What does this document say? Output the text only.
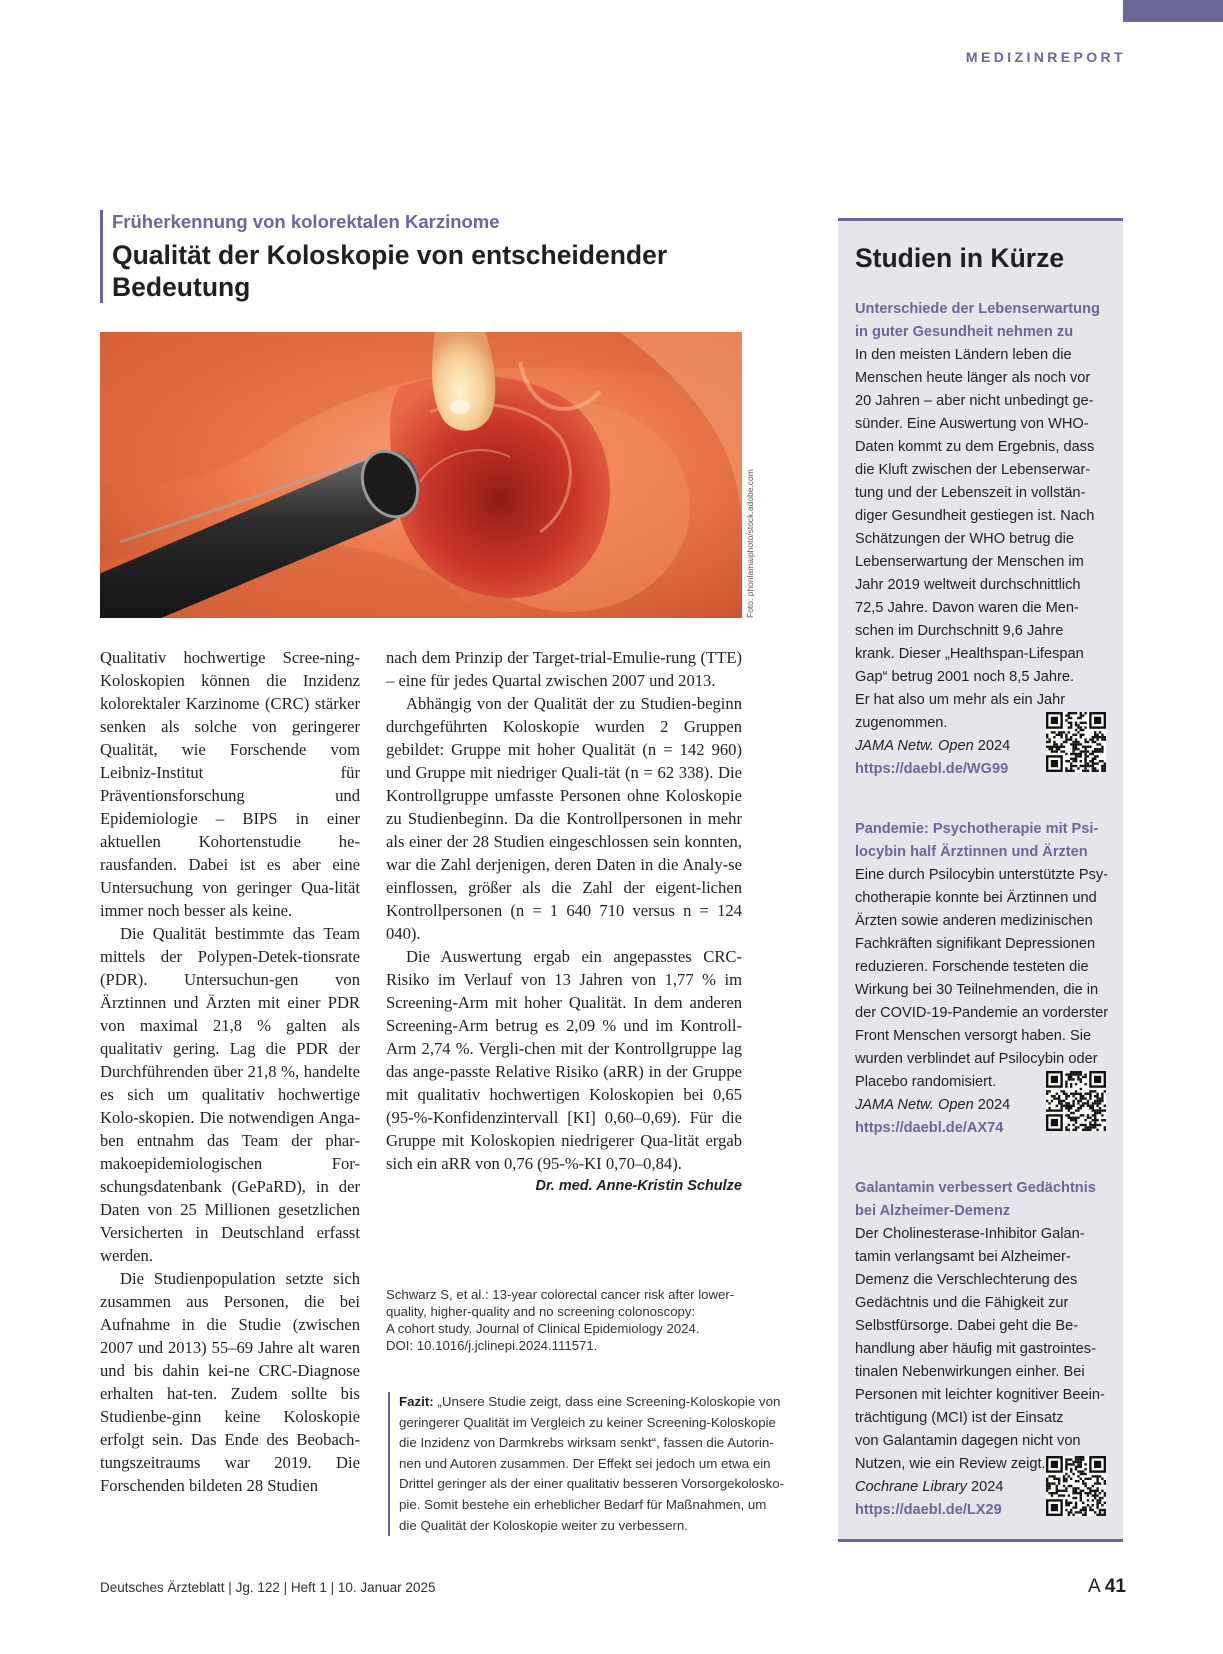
MEDIZINREPORT
Früherkennung von kolorektalen Karzinome
Qualität der Koloskopie von entscheidender
Bedeutung
Foto: phonlamaiphoto/stock.adobe.com

Qualitativ hochwertige Scree-ning-Koloskopien können die Inzidenz kolorektaler Karzinome (CRC) stärker senken als solche von geringerer Qualität, wie Forschende vom Leibniz-Institut für Präventionsforschung und Epidemiologie – BIPS in einer aktuellen Kohortenstudie he-rausfanden. Dabei ist es aber eine Untersuchung von geringer Qua-lität immer noch besser als keine.

Die Qualität bestimmte das Team mittels der Polypen-Detek-tionsrate (PDR). Untersuchun-gen von Ärztinnen und Ärzten mit einer PDR von maximal 21,8 % galten als qualitativ gering. Lag die PDR der Durchführenden über 21,8 %, handelte es sich um qualitativ hochwertige Kolo-skopien. Die notwendigen Anga-ben entnahm das Team der phar-makoepidemiologischen For-schungsdatenbank (GePaRD), in der Daten von 25 Millionen gesetzlichen Versicherten in Deutschland erfasst werden.

Die Studienpopulation setzte sich zusammen aus Personen, die bei Aufnahme in die Studie (zwischen 2007 und 2013) 55–69 Jahre alt waren und bis dahin kei-ne CRC-Diagnose erhalten hat-ten. Zudem sollte bis Studienbe-ginn keine Koloskopie erfolgt sein. Das Ende des Beobach-tungszeitraums war 2019. Die Forschenden bildeten 28 Studien

nach dem Prinzip der Target-trial-Emulie-rung (TTE) – eine für jedes Quartal zwischen 2007 und 2013.

Abhängig von der Qualität der zu Studien-beginn durchgeführten Koloskopie wurden 2 Gruppen gebildet: Gruppe mit hoher Qualität (n = 142 960) und Gruppe mit niedriger Quali-tät (n = 62 338). Die Kontrollgruppe umfasste Personen ohne Koloskopie zu Studienbeginn. Da die Kontrollpersonen in mehr als einer der 28 Studien eingeschlossen sein konnten, war die Zahl derjenigen, deren Daten in die Analy-se einflossen, größer als die Zahl der eigent-lichen Kontrollpersonen (n = 1 640 710 versus n = 124 040).

Die Auswertung ergab ein angepasstes CRC-Risiko im Verlauf von 13 Jahren von 1,77 % im Screening-Arm mit hoher Qualität. In dem anderen Screening-Arm betrug es 2,09 % und im Kontroll-Arm 2,74 %. Vergli-chen mit der Kontrollgruppe lag das ange-passte Relative Risiko (aRR) in der Gruppe mit qualitativ hochwertigen Koloskopien bei 0,65 (95-%-Konfidenzintervall [KI] 0,60–0,69). Für die Gruppe mit Koloskopien niedrigerer Qua-lität ergab sich ein aRR von 0,76 (95-%-KI 0,70–0,84).
Dr. med. Anne-Kristin Schulze

Schwarz S, et al.: 13-year colorectal cancer risk after lower-
quality, higher-quality and no screening colonoscopy:
A cohort study. Journal of Clinical Epidemiology 2024.
DOI: 10.1016/j.jclinepi.2024.111571.
Fazit: „Unsere Studie zeigt, dass eine Screening-Koloskopie von
geringerer Qualität im Vergleich zu keiner Screening-Koloskopie
die Inzidenz von Darmkrebs wirksam senkt“, fassen die Autorin-
nen und Autoren zusammen. Der Effekt sei jedoch um etwa ein
Drittel geringer als der einer qualitativ besseren Vorsorgekolosko-
pie. Somit bestehe ein erheblicher Bedarf für Maßnahmen, um
die Qualität der Koloskopie weiter zu verbessern.
Studien in Kürze
Unterschiede der Lebenserwartung
in guter Gesundheit nehmen zu
In den meisten Ländern leben die
Menschen heute länger als noch vor
20 Jahren – aber nicht unbedingt ge-
sünder. Eine Auswertung von WHO-
Daten kommt zu dem Ergebnis, dass
die Kluft zwischen der Lebenserwar-
tung und der Lebenszeit in vollstän-
diger Gesundheit gestiegen ist. Nach
Schätzungen der WHO betrug die
Lebenserwartung der Menschen im
Jahr 2019 weltweit durchschnittlich
72,5 Jahre. Davon waren die Men-
schen im Durchschnitt 9,6 Jahre
krank. Dieser „Healthspan-Lifespan
Gap“ betrug 2001 noch 8,5 Jahre.
Er hat also um mehr als ein Jahr
zugenommen.
JAMA Netw. Open 2024
https://daebl.de/WG99
Pandemie: Psychotherapie mit Psi-
locybin half Ärztinnen und Ärzten
Eine durch Psilocybin unterstützte Psy-
chotherapie konnte bei Ärztinnen und
Ärzten sowie anderen medizinischen
Fachkräften signifikant Depressionen
reduzieren. Forschende testeten die
Wirkung bei 30 Teilnehmenden, die in
der COVID-19-Pandemie an vorderster
Front Menschen versorgt haben. Sie
wurden verblindet auf Psilocybin oder
Placebo randomisiert.
JAMA Netw. Open 2024
https://daebl.de/AX74
Galantamin verbessert Gedächtnis
bei Alzheimer-Demenz
Der Cholinesterase-Inhibitor Galan-
tamin verlangsamt bei Alzheimer-
Demenz die Verschlechterung des
Gedächtnis und die Fähigkeit zur
Selbstfürsorge. Dabei geht die Be-
handlung aber häufig mit gastrointes-
tinalen Nebenwirkungen einher. Bei
Personen mit leichter kognitiver Beein-
trächtigung (MCI) ist der Einsatz
von Galantamin dagegen nicht von
Nutzen, wie ein Review zeigt.
Cochrane Library 2024
https://daebl.de/LX29
Deutsches Ärzteblatt | Jg. 122 | Heft 1 | 10. Januar 2025	A 41
